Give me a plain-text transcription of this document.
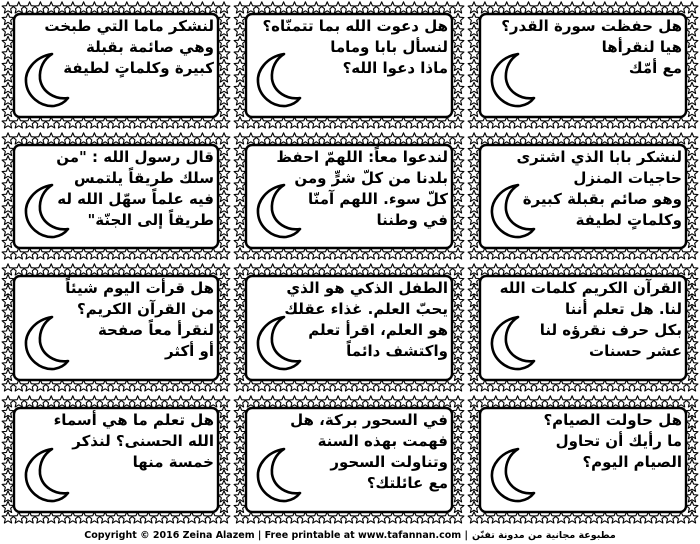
لنشكر ماما التي طبخت
وهي صائمة بقبلة
كبيرة وكلماتٍ لطيفة
هل دعوت الله بما تتمنّاه؟
لنسأل بابا وماما
ماذا دعوا الله؟
هل حفظت سورة القدر؟
هيا لنقرأها
مع أمّك
قال رسول الله : "من
سلك طريقاً يلتمس
فيه علماً سهّل الله له
طريقاً إلى الجنّة"
لندعوا معاً: اللهمّ احفظ
بلدنا من كلّ شرٍّ ومن
كلّ سوء. اللهم آمنّا
في وطننا
لنشكر بابا الذي اشترى
حاجيات المنزل
وهو صائم بقبلة كبيرة
وكلماتٍ لطيفة
هل قرأت اليوم شيئاً
من القرآن الكريم؟
لنقرأ معاً صفحة
أو أكثر
الطفل الذكي هو الذي
يحبّ العلم. غذاء عقلك
هو العلم، اقرأ تعلم
واكتشف دائماً
القرآن الكريم كلمات الله
لنا. هل تعلم أننا
بكل حرف نقرؤه لنا
عشر حسنات
هل تعلم ما هي أسماء
الله الحسنى؟ لنذكر
خمسة منها
في السحور بركة، هل
فهمت بهذه السنة
وتناولت السحور
مع عائلتك؟
هل حاولت الصيام؟
ما رأيك أن تحاول
الصيام اليوم؟
Copyright © 2016 Zeina Alazem | Free printable at www.tafannan.com | مطبوعة مجانية من مدونة تفنّن
